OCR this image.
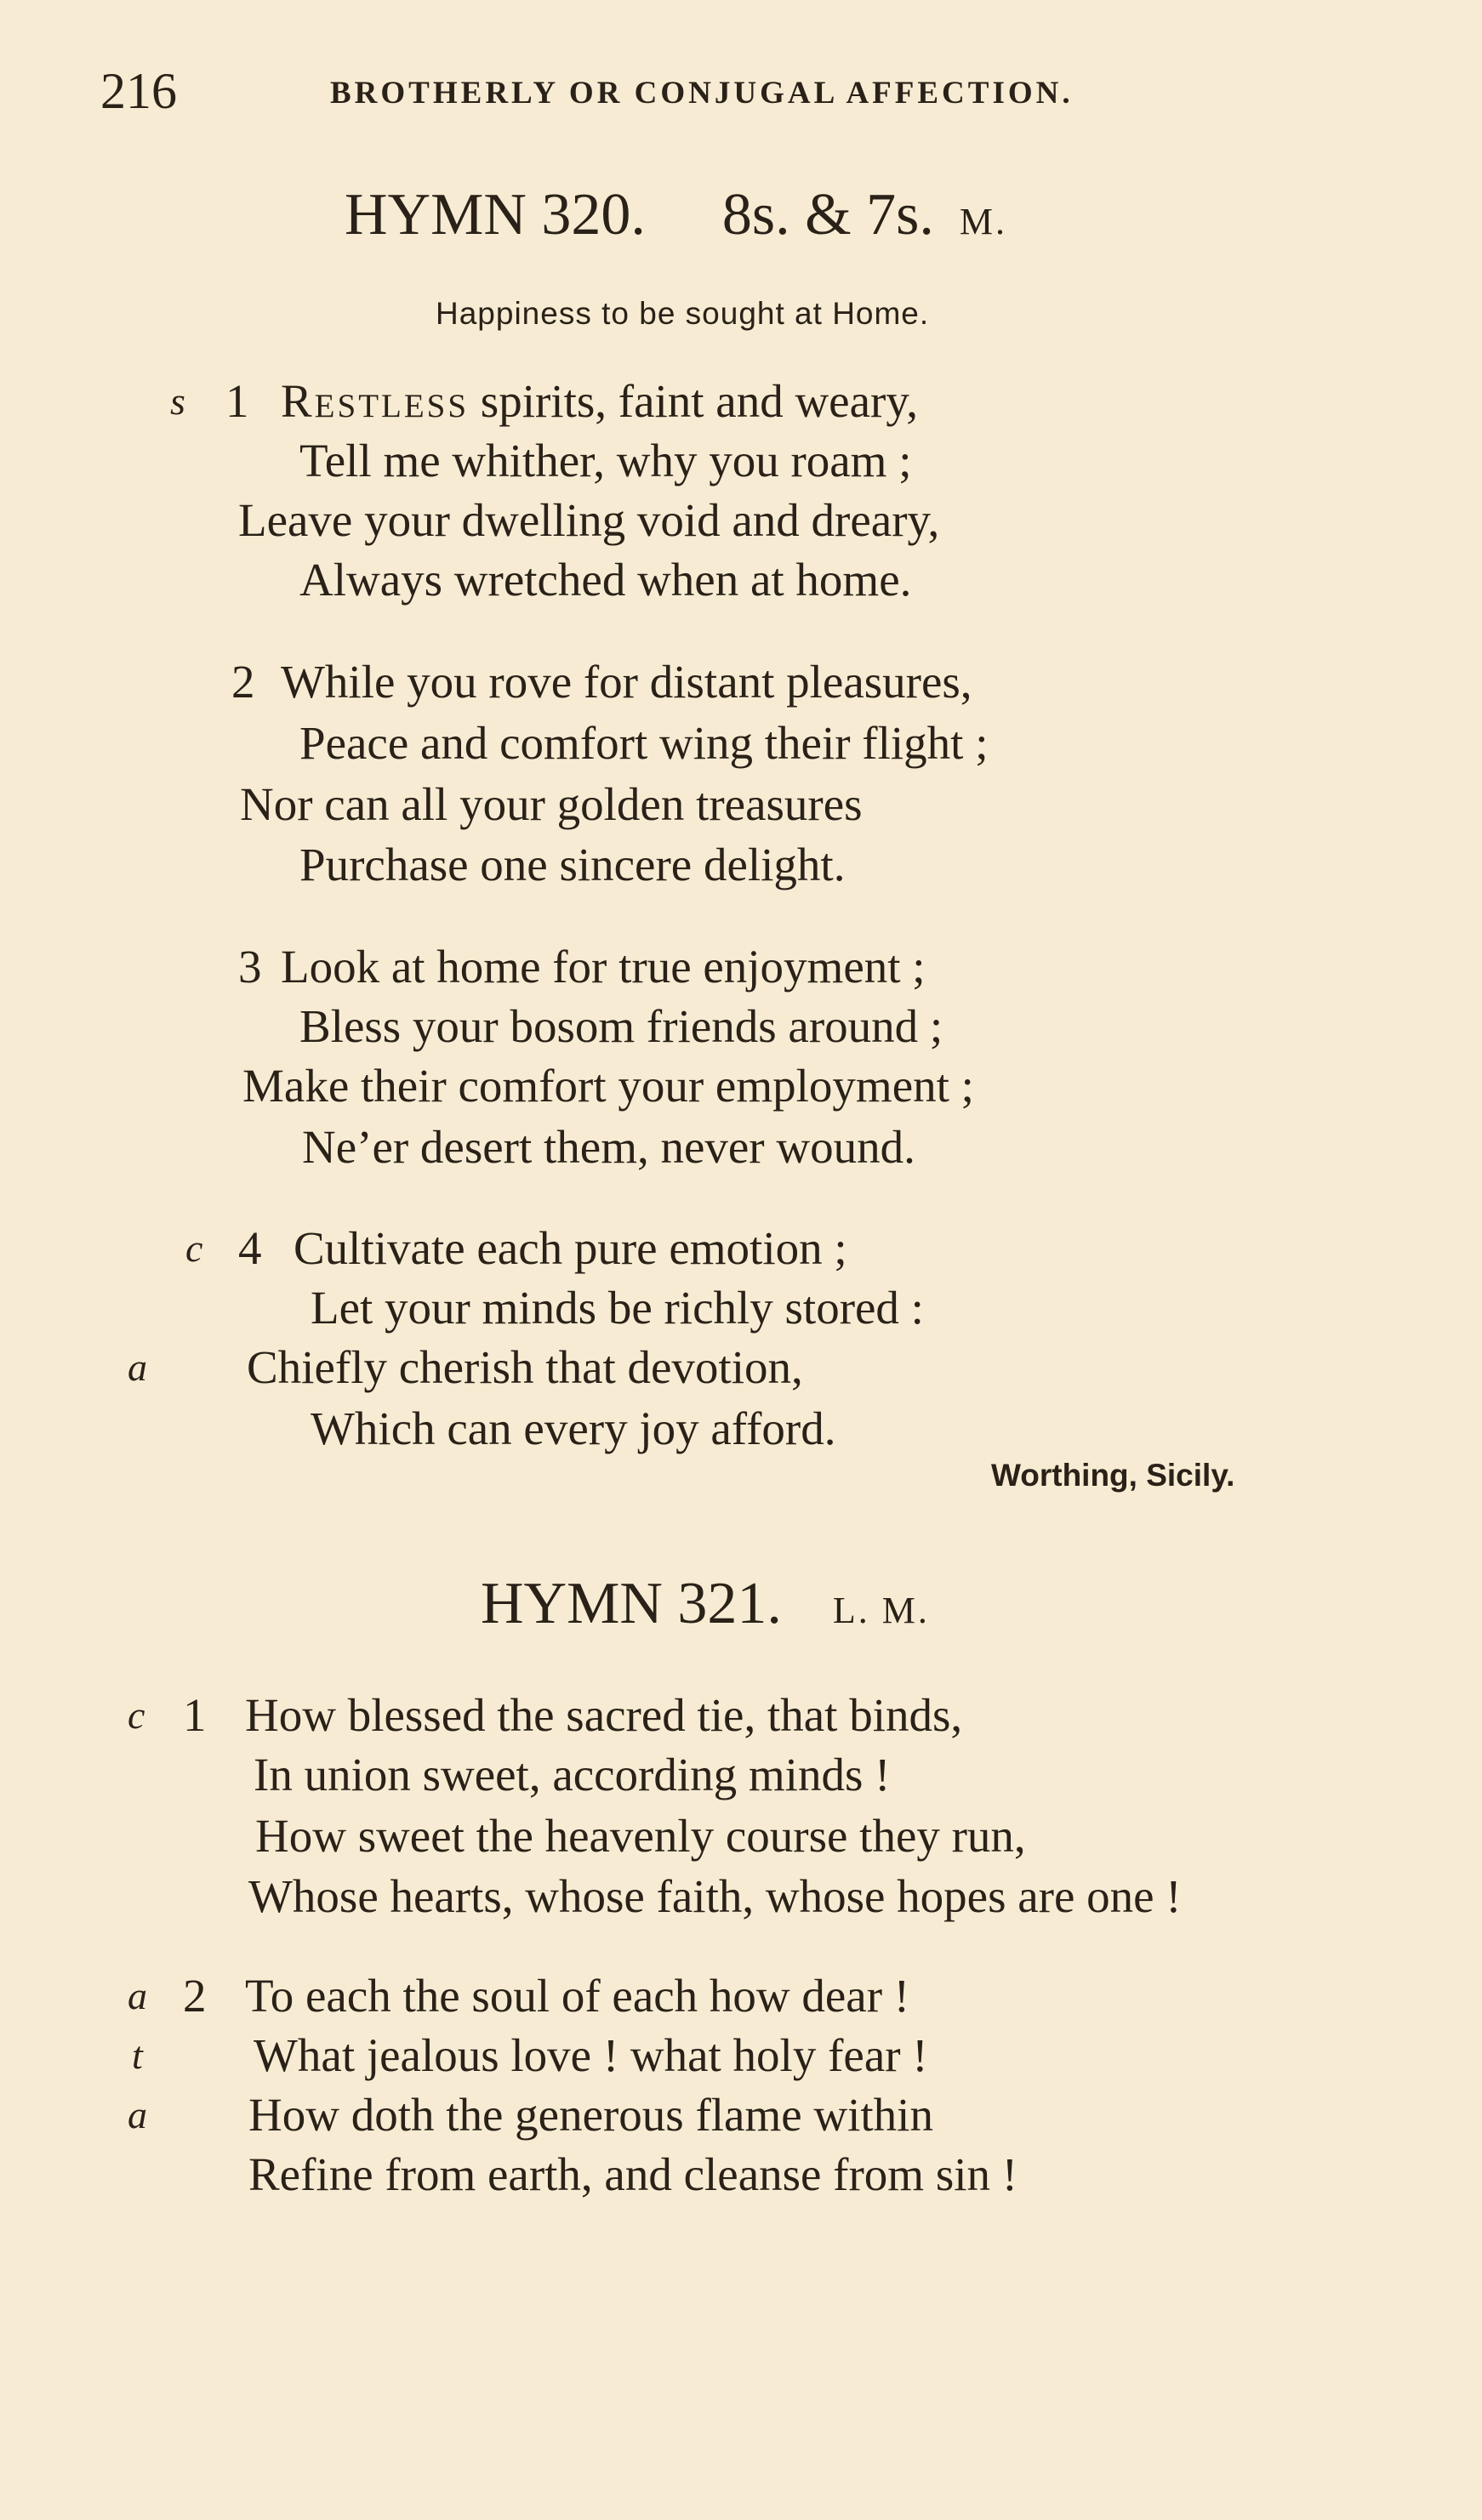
216	BROTHERLY OR CONJUGAL AFFECTION.
HYMN 320. 8s. & 7s. M.
Happiness to be sought at Home.
s 1 Restless spirits, faint and weary,
Tell me whither, why you roam ;
Leave your dwelling void and dreary,
Always wretched when at home.
2 While you rove for distant pleasures,
Peace and comfort wing their flight ;
Nor can all your golden treasures
Purchase one sincere delight.
3 Look at home for true enjoyment ;
Bless your bosom friends around ;
Make their comfort your employment ;
Ne’er desert them, never wound.
c 4 Cultivate each pure emotion ;
Let your minds be richly stored :
a Chiefly cherish that devotion,
Which can every joy afford.
Worthing, Sicily.
HYMN 321. L. M.
c 1 How blessed the sacred tie, that binds,
In union sweet, according minds !
How sweet the heavenly course they run,
Whose hearts, whose faith, whose hopes are one !
a 2 To each the soul of each how dear !
t What jealous love ! what holy fear !
a How doth the generous flame within
Refine from earth, and cleanse from sin !
